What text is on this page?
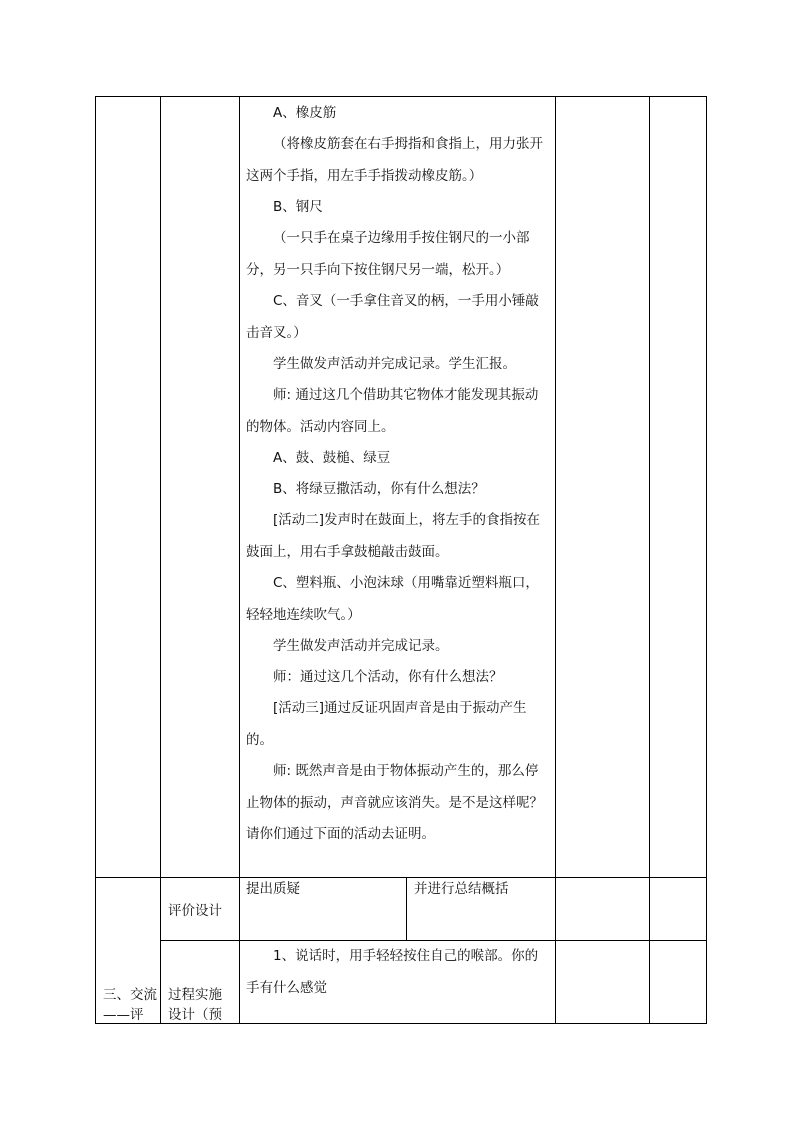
A、橡皮筋

（将橡皮筋套在右手拇指和食指上，用力张开这两个手指，用左手手指拨动橡皮筋。）

B、钢尺

（一只手在桌子边缘用手按住钢尺的一小部分，另一只手向下按住钢尺另一端，松开。）

C、音叉（一手拿住音叉的柄，一手用小锤敲击音叉。）

学生做发声活动并完成记录。学生汇报。

师: 通过这几个借助其它物体才能发现其振动的物体。活动内容同上。

A、鼓、鼓槌、绿豆

B、将绿豆撒活动，你有什么想法？

[活动二]发声时在鼓面上，将左手的食指按在鼓面上，用右手拿鼓槌敲击鼓面。

C、塑料瓶、小泡沫球（用嘴靠近塑料瓶口，轻轻地连续吹气。）

学生做发声活动并完成记录。

师：通过这几个活动，你有什么想法？

[活动三]通过反证巩固声音是由于振动产生的。

师: 既然声音是由于物体振动产生的，那么停止物体的振动，声音就应该消失。是不是这样呢？请你们通过下面的活动去证明。

三、交流
——评
评价设计
提出质疑	并进行总结概括
过程实施
设计（预

1、说话时，用手轻轻按住自己的喉部。你的手有什么感觉
